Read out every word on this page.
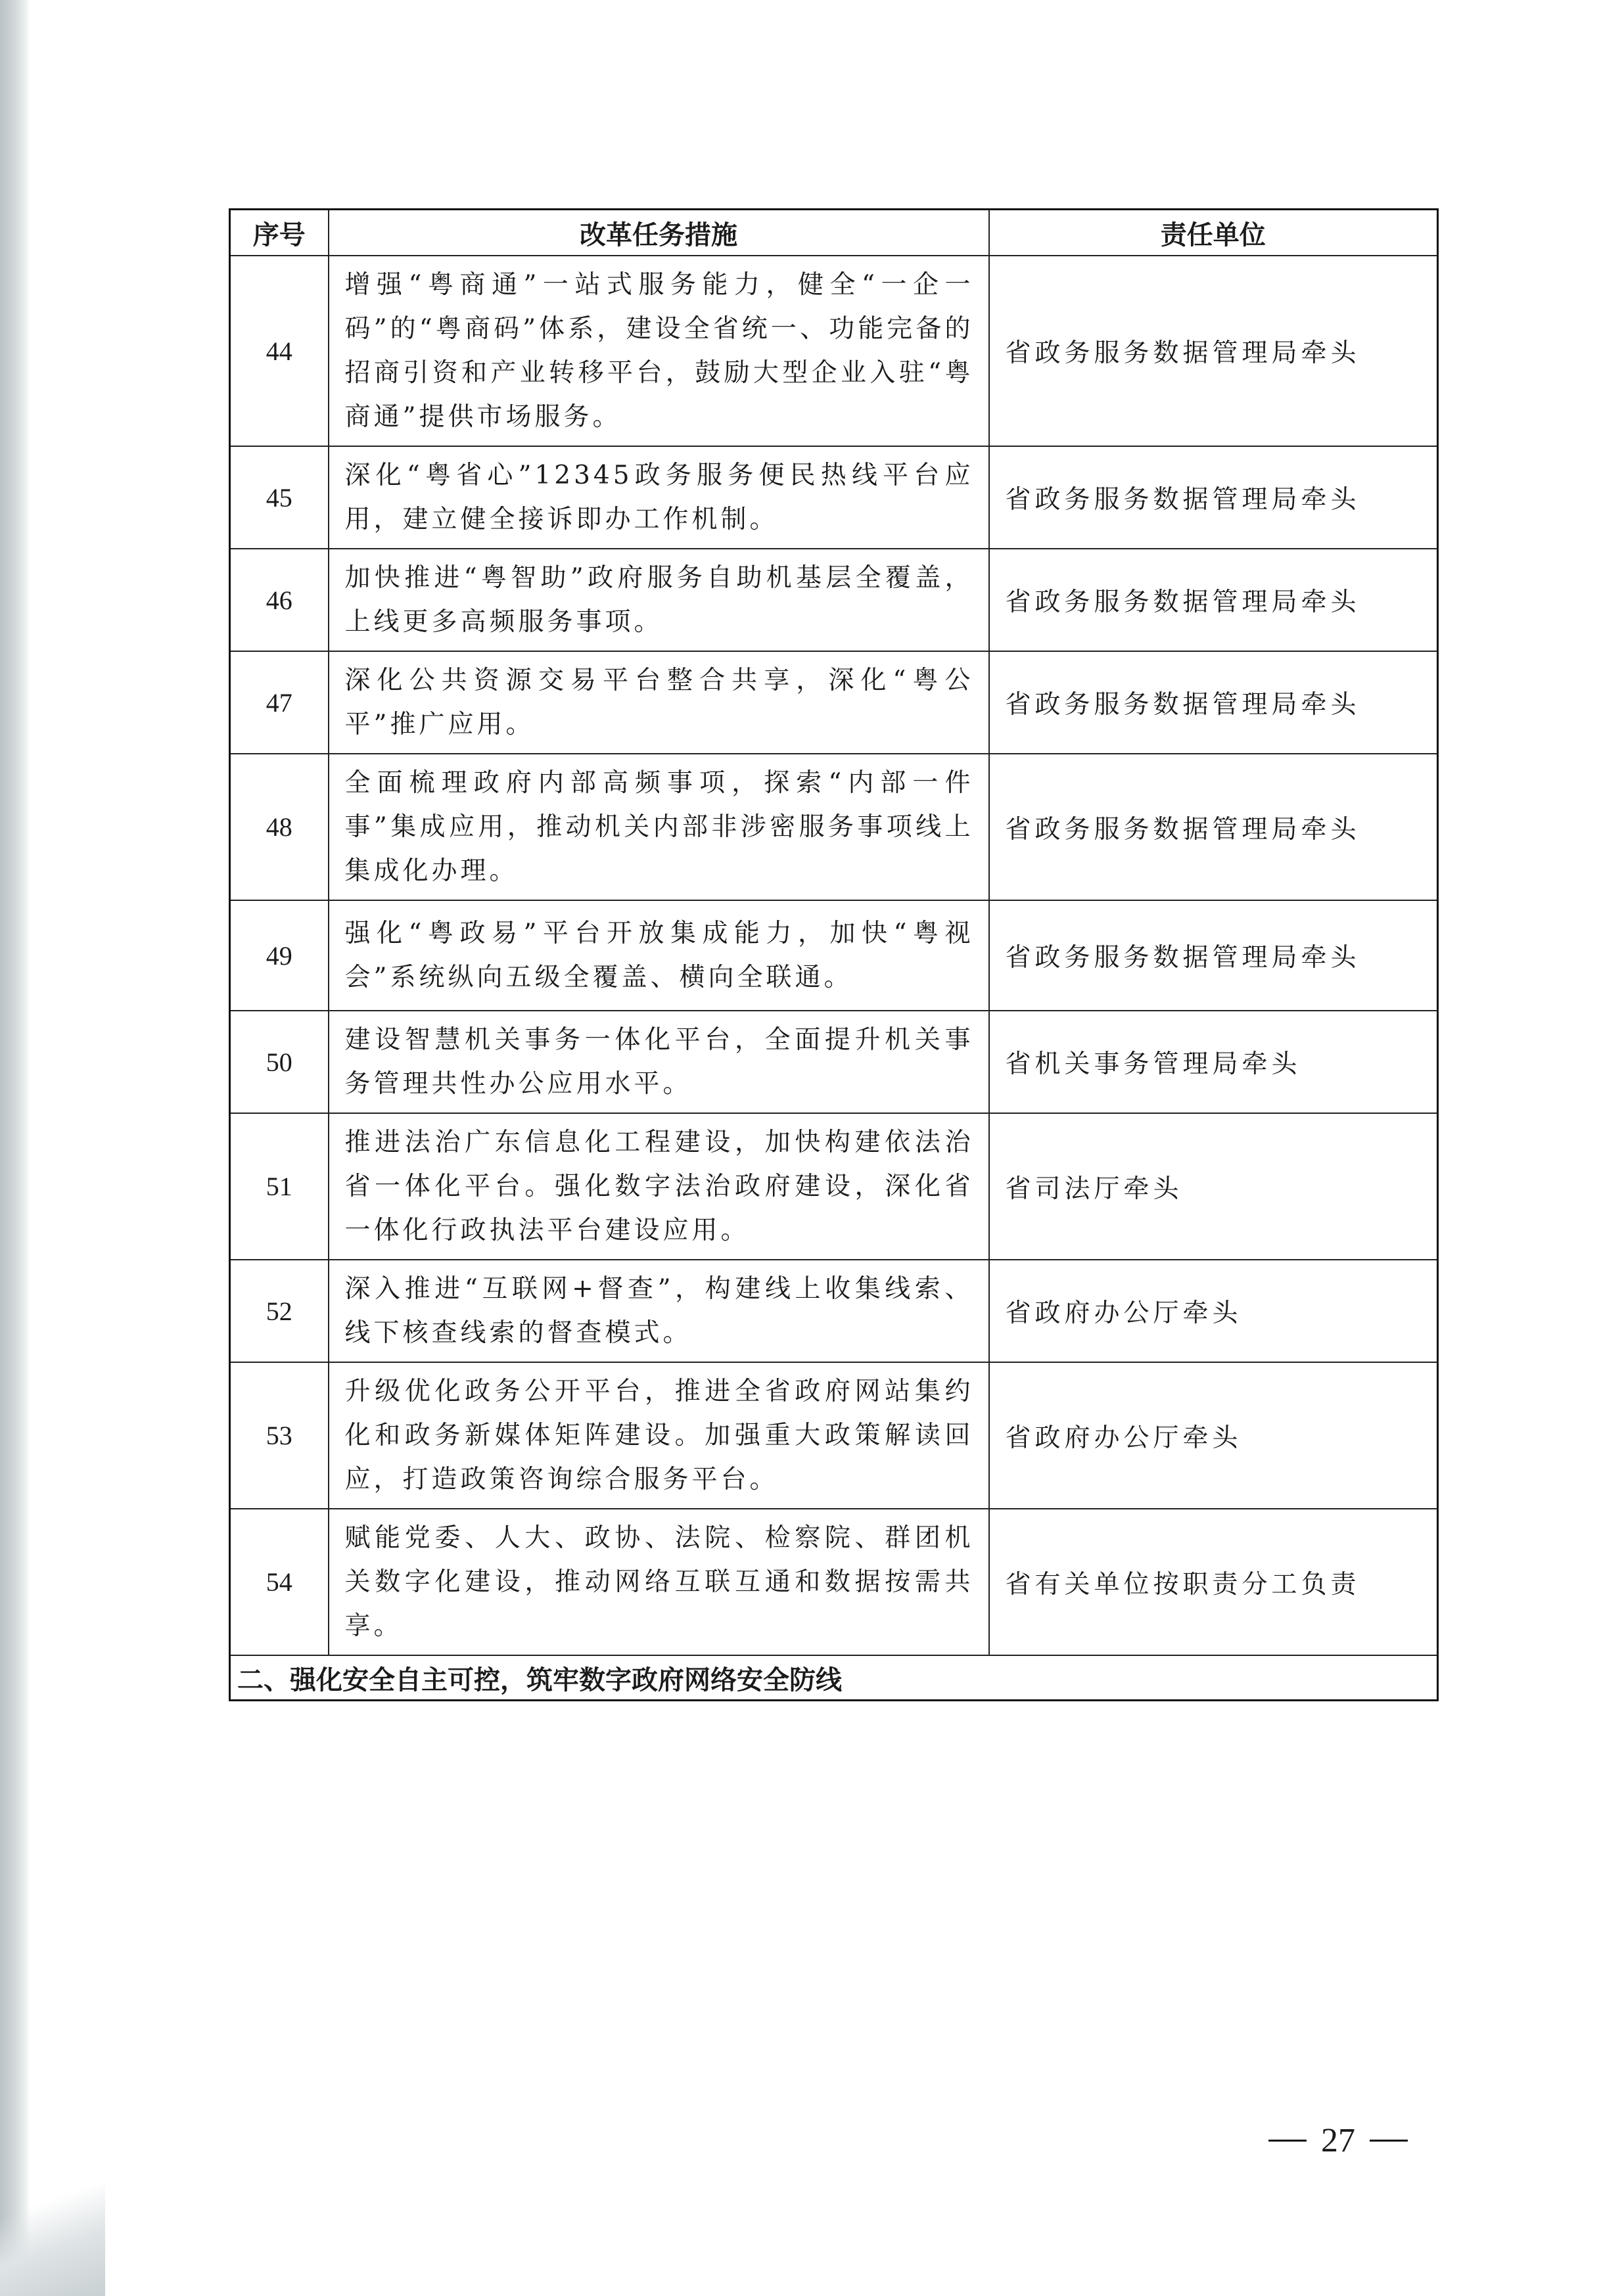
序号	改革任务措施	责任单位
44	增强“粤商通”一站式服务能力，健全“一企一码”的“粤商码”体系，建设全省统一、功能完备的招商引资和产业转移平台，鼓励大型企业入驻“粤商通”提供市场服务。	省政务服务数据管理局牵头
45	深化“粤省心”12345政务服务便民热线平台应用，建立健全接诉即办工作机制。	省政务服务数据管理局牵头
46	加快推进“粤智助”政府服务自助机基层全覆盖，上线更多高频服务事项。	省政务服务数据管理局牵头
47	深化公共资源交易平台整合共享，深化“粤公平”推广应用。	省政务服务数据管理局牵头
48	全面梳理政府内部高频事项，探索“内部一件事”集成应用，推动机关内部非涉密服务事项线上集成化办理。	省政务服务数据管理局牵头
49	强化“粤政易”平台开放集成能力，加快“粤视会”系统纵向五级全覆盖、横向全联通。	省政务服务数据管理局牵头
50	建设智慧机关事务一体化平台，全面提升机关事务管理共性办公应用水平。	省机关事务管理局牵头
51	推进法治广东信息化工程建设，加快构建依法治省一体化平台。强化数字法治政府建设，深化省一体化行政执法平台建设应用。	省司法厅牵头
52	深入推进“互联网+督查”，构建线上收集线索、线下核查线索的督查模式。	省政府办公厅牵头
53	升级优化政务公开平台，推进全省政府网站集约化和政务新媒体矩阵建设。加强重大政策解读回应，打造政策咨询综合服务平台。	省政府办公厅牵头
54	赋能党委、人大、政协、法院、检察院、群团机关数字化建设，推动网络互联互通和数据按需共享。	省有关单位按职责分工负责
二、强化安全自主可控，筑牢数字政府网络安全防线		
27
